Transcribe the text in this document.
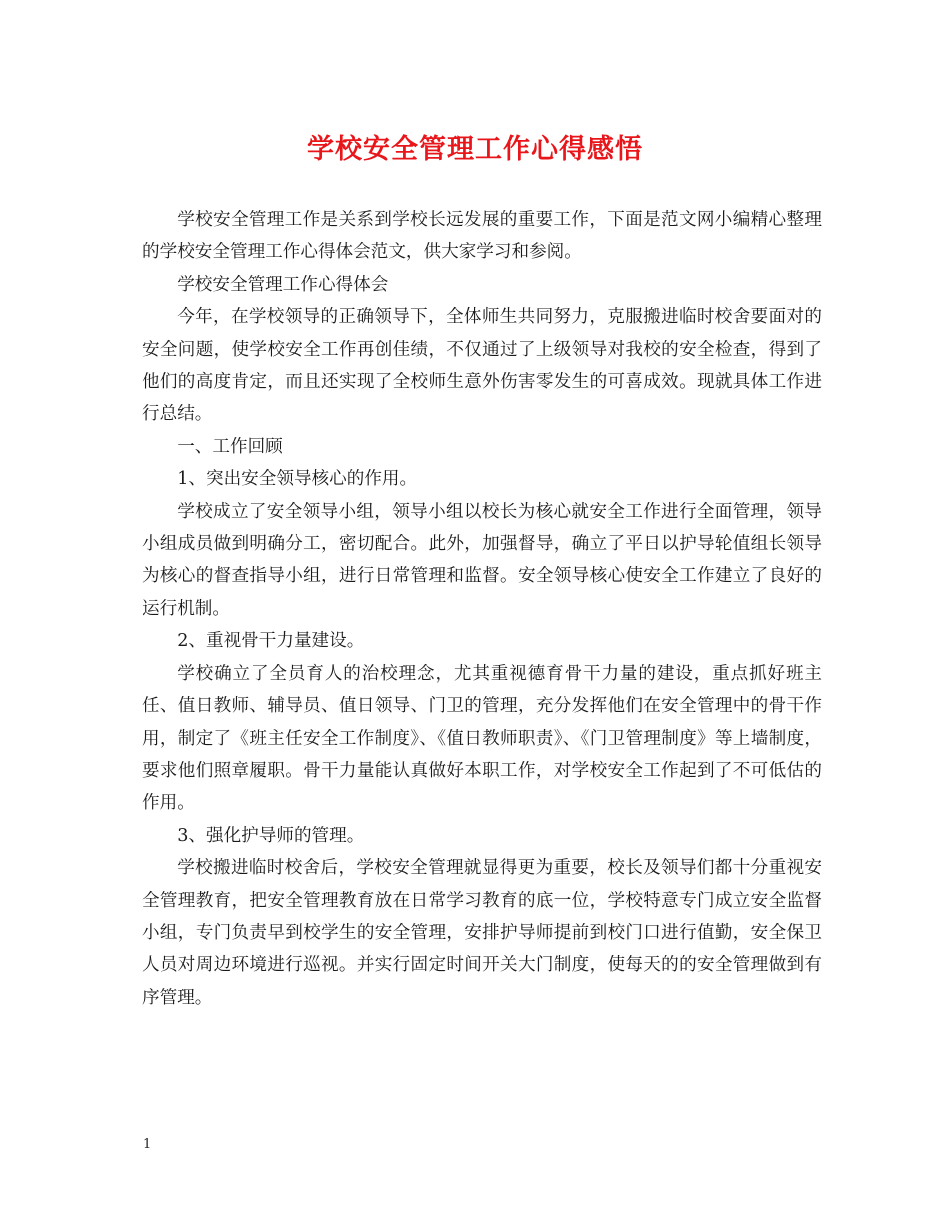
学校安全管理工作心得感悟

学校安全管理工作是关系到学校长远发展的重要工作，下面是范文网小编精心整理的学校安全管理工作心得体会范文，供大家学习和参阅。

学校安全管理工作心得体会

今年，在学校领导的正确领导下，全体师生共同努力，克服搬进临时校舍要面对的安全问题，使学校安全工作再创佳绩，不仅通过了上级领导对我校的安全检查，得到了他们的高度肯定，而且还实现了全校师生意外伤害零发生的可喜成效。现就具体工作进行总结。

一、工作回顾

1、突出安全领导核心的作用。

学校成立了安全领导小组，领导小组以校长为核心就安全工作进行全面管理，领导小组成员做到明确分工，密切配合。此外，加强督导，确立了平日以护导轮值组长领导为核心的督查指导小组，进行日常管理和监督。安全领导核心使安全工作建立了良好的运行机制。

2、重视骨干力量建设。

学校确立了全员育人的治校理念，尤其重视德育骨干力量的建设，重点抓好班主任、值日教师、辅导员、值日领导、门卫的管理，充分发挥他们在安全管理中的骨干作用，制定了《班主任安全工作制度》、《值日教师职责》、《门卫管理制度》等上墙制度，要求他们照章履职。骨干力量能认真做好本职工作，对学校安全工作起到了不可低估的作用。

3、强化护导师的管理。

学校搬进临时校舍后，学校安全管理就显得更为重要，校长及领导们都十分重视安全管理教育，把安全管理教育放在日常学习教育的底一位，学校特意专门成立安全监督小组，专门负责早到校学生的安全管理，安排护导师提前到校门口进行值勤，安全保卫人员对周边环境进行巡视。并实行固定时间开关大门制度，使每天的的安全管理做到有序管理。

1
